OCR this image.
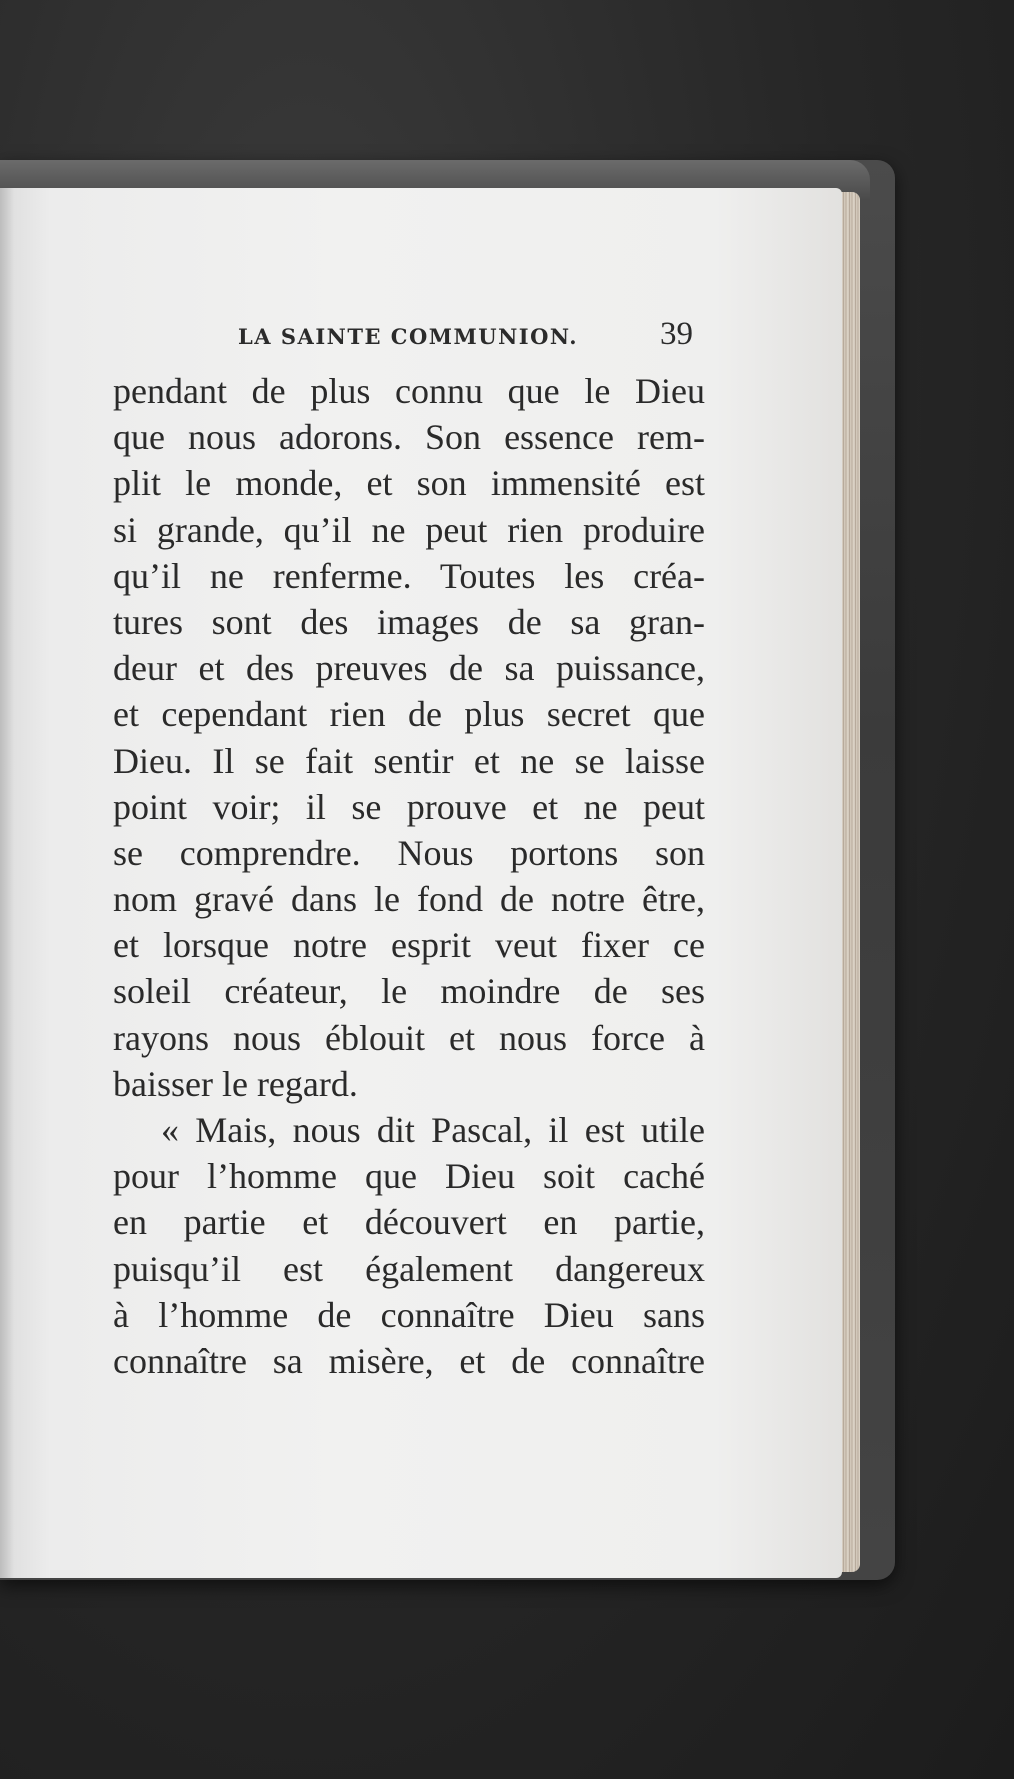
LA SAINTE COMMUNION. 39
pendant de plus connu que le Dieu
que nous adorons. Son essence rem-
plit le monde, et son immensité est
si grande, qu’il ne peut rien produire
qu’il ne renferme. Toutes les créa-
tures sont des images de sa gran-
deur et des preuves de sa puissance,
et cependant rien de plus secret que
Dieu. Il se fait sentir et ne se laisse
point voir; il se prouve et ne peut
se comprendre. Nous portons son
nom gravé dans le fond de notre être,
et lorsque notre esprit veut fixer ce
soleil créateur, le moindre de ses
rayons nous éblouit et nous force à
baisser le regard.
« Mais, nous dit Pascal, il est utile
pour l’homme que Dieu soit caché
en partie et découvert en partie,
puisqu’il est également dangereux
à l’homme de connaître Dieu sans
connaître sa misère, et de connaître
